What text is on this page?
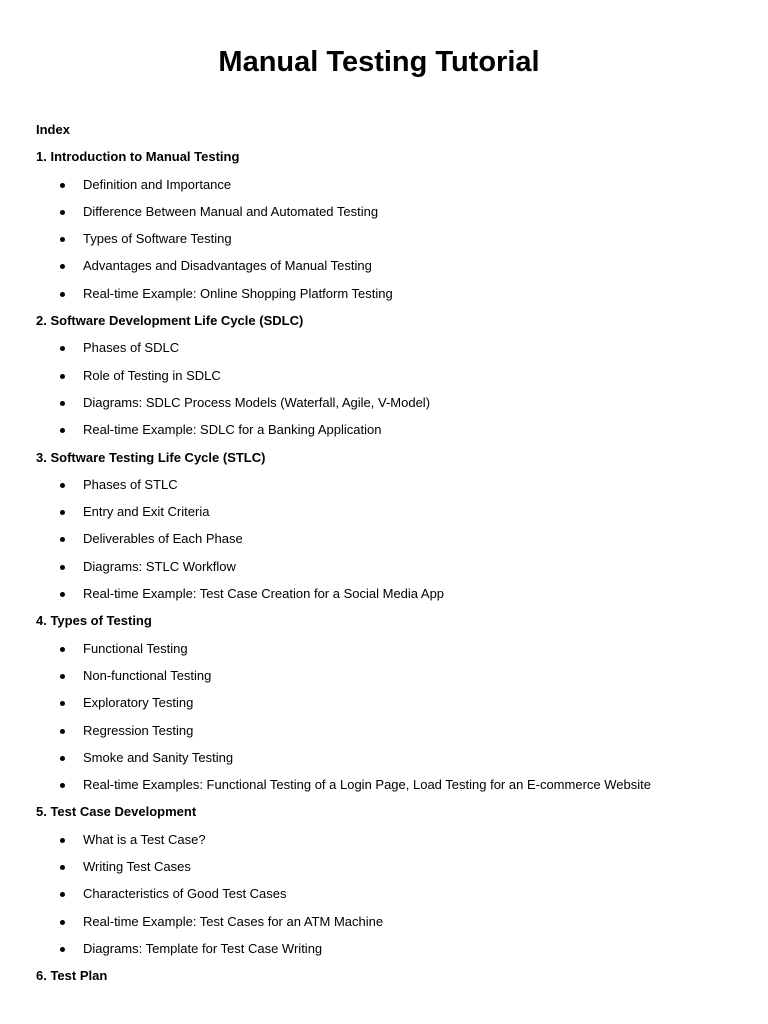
Manual Testing Tutorial
Index
1. Introduction to Manual Testing
Definition and Importance
Difference Between Manual and Automated Testing
Types of Software Testing
Advantages and Disadvantages of Manual Testing
Real-time Example: Online Shopping Platform Testing
2. Software Development Life Cycle (SDLC)
Phases of SDLC
Role of Testing in SDLC
Diagrams: SDLC Process Models (Waterfall, Agile, V-Model)
Real-time Example: SDLC for a Banking Application
3. Software Testing Life Cycle (STLC)
Phases of STLC
Entry and Exit Criteria
Deliverables of Each Phase
Diagrams: STLC Workflow
Real-time Example: Test Case Creation for a Social Media App
4. Types of Testing
Functional Testing
Non-functional Testing
Exploratory Testing
Regression Testing
Smoke and Sanity Testing
Real-time Examples: Functional Testing of a Login Page, Load Testing for an E-commerce Website
5. Test Case Development
What is a Test Case?
Writing Test Cases
Characteristics of Good Test Cases
Real-time Example: Test Cases for an ATM Machine
Diagrams: Template for Test Case Writing
6. Test Plan
